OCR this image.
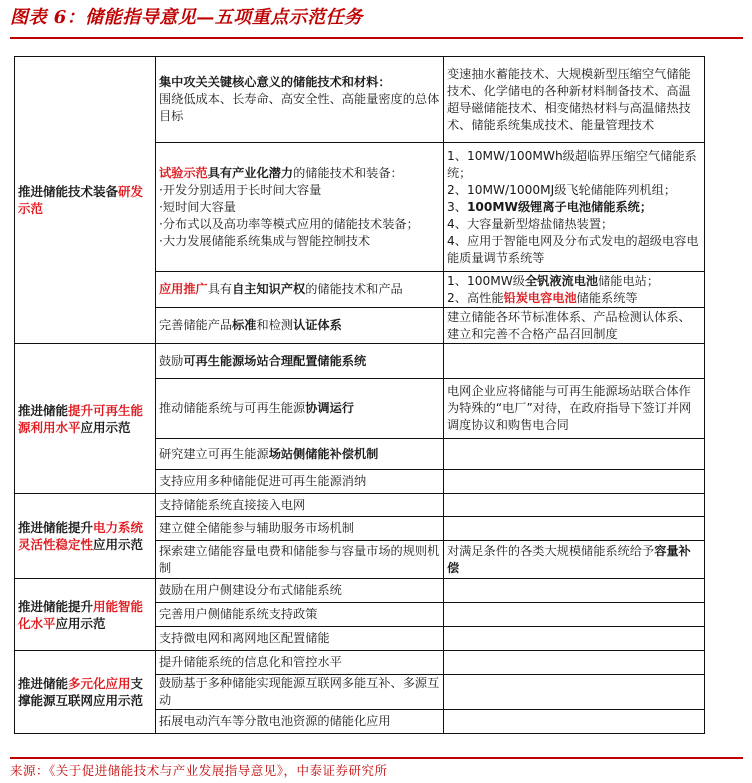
图表 6：储能指导意见—五项重点示范任务
推进储能技术装备研发示范	集中攻关关键核心意义的储能技术和材料：
围绕低成本、长寿命、高安全性、高能量密度的总体目标	变速抽水蓄能技术、大规模新型压缩空气储能技术、化学储电的各种新材料制备技术、高温超导磁储能技术、相变储热材料与高温储热技术、储能系统集成技术、能量管理技术
	试验示范具有产业化潜力的储能技术和装备：
·开发分别适用于长时间大容量
·短时间大容量
·分布式以及高功率等模式应用的储能技术装备；
·大力发展储能系统集成与智能控制技术	1、10MW/100MWh级超临界压缩空气储能系统；
2、10MW/1000MJ级飞轮储能阵列机组；
3、100MW级锂离子电池储能系统；
4、大容量新型熔盐储热装置；
4、应用于智能电网及分布式发电的超级电容电能质量调节系统等

	应用推广具有自主知识产权的储能技术和产品	1、100MW级全钒液流电池储能电站；
2、高性能铅炭电容电池储能系统等

	完善储能产品标准和检测认证体系	建立储能各环节标准体系、产品检测认体系、建立和完善不合格产品召回制度
推进储能提升可再生能源利用水平应用示范	鼓励可再生能源场站合理配置储能系统	
	推动储能系统与可再生能源协调运行	电网企业应将储能与可再生能源场站联合体作为特殊的“电厂”对待，在政府指导下签订并网调度协议和购售电合同
	研究建立可再生能源场站侧储能补偿机制	
	支持应用多种储能促进可再生能源消纳	
推进储能提升电力系统灵活性稳定性应用示范	支持储能系统直接接入电网	
	建立健全储能参与辅助服务市场机制	
	探索建立储能容量电费和储能参与容量市场的规则机制	对满足条件的各类大规模储能系统给予容量补偿
推进储能提升用能智能化水平应用示范	鼓励在用户侧建设分布式储能系统	
	完善用户侧储能系统支持政策	
	支持微电网和离网地区配置储能	
推进储能多元化应用支撑能源互联网应用示范	提升储能系统的信息化和管控水平	
	鼓励基于多种储能实现能源互联网多能互补、多源互动	
	拓展电动汽车等分散电池资源的储能化应用	
来源：《关于促进储能技术与产业发展指导意见》，中泰证券研究所
